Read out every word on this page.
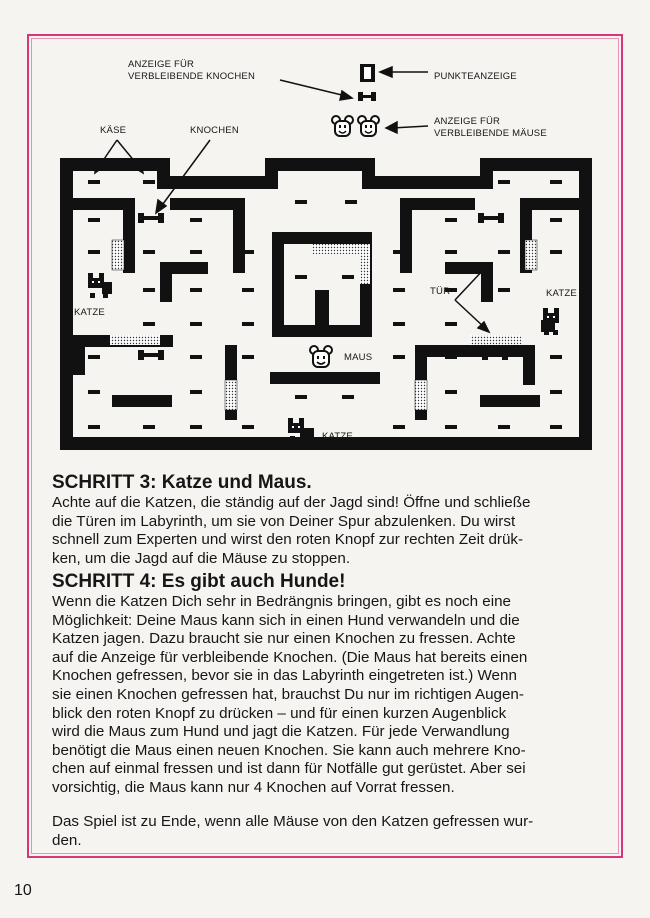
0
ANZEIGE FÜR
VERBLEIBENDE KNOCHEN	PUNKTEANZEIGE
ANZEIGE FÜR
VERBLEIBENDE MÄUSE
KÄSE	KNOCHEN
KATZE
TÜR	KATZE
MAUS
KATZE
SCHRITT 3: Katze und Maus.

Achte auf die Katzen, die ständig auf der Jagd sind! Öffne und schließe
die Türen im Labyrinth, um sie von Deiner Spur abzulenken. Du wirst
schnell zum Experten und wirst den roten Knopf zur rechten Zeit drük-
ken, um die Jagd auf die Mäuse zu stoppen.

SCHRITT 4: Es gibt auch Hunde!

Wenn die Katzen Dich sehr in Bedrängnis bringen, gibt es noch eine
Möglichkeit: Deine Maus kann sich in einen Hund verwandeln und die
Katzen jagen. Dazu braucht sie nur einen Knochen zu fressen. Achte
auf die Anzeige für verbleibende Knochen. (Die Maus hat bereits einen
Knochen gefressen, bevor sie in das Labyrinth eingetreten ist.) Wenn
sie einen Knochen gefressen hat, brauchst Du nur im richtigen Augen-
blick den roten Knopf zu drücken – und für einen kurzen Augenblick
wird die Maus zum Hund und jagt die Katzen. Für jede Verwandlung
benötigt die Maus einen neuen Knochen. Sie kann auch mehrere Kno-
chen auf einmal fressen und ist dann für Notfälle gut gerüstet. Aber sei
vorsichtig, die Maus kann nur 4 Knochen auf Vorrat fressen.

Das Spiel ist zu Ende, wenn alle Mäuse von den Katzen gefressen wur-
den.

10
